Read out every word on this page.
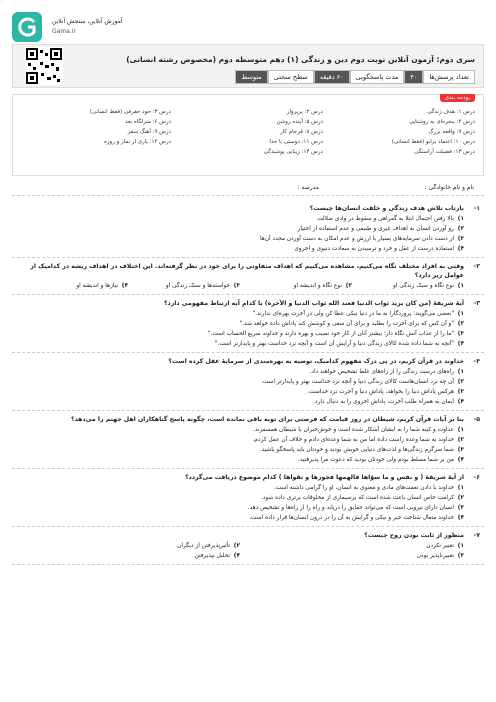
آموزش آنلاین، سنجش آنلاین
Gama.ir
سری دوم: آزمون آنلاین نوبت دوم دین و زندگی (۱) دهم متوسطه دوم (مخصوص رشته انسانی)
تعداد پرسش‌ها
۴۰
مدت پاسخگویی
۶۰ دقیقه
سطح سختی
متوسط
بودجه بندی
درس ۱: هدف زندگی
درس ۲: پرپرواز
درس ۳: حود حقرقی (فقط انسانی)
درس ۴: پنجره‌ای به روشنایی
درس ۵: آینده روشن
درس ۶: منزلگاه بعد
درس ۷: واقعه بزرگ
درس ۸: فرجام کار
درس ۹: آهنگ سفر
درس ۱۰: اعتماد برابو (فقط انسانی)
درس ۱۱: دوستی با خدا
درس ۱۲: یاری از نماز و روزه
درس ۱۳: فضیلت آراستگی
درس ۱۴: زیبایی پوشیدگی
نام و نام خانوادگی :
مدرسه :
۱-
بازتاب تلاش هدف زندگی و خلقت انسان‌ها چیست؟
۱)
بالا رفتن احتمال ابتلا به گمراهی و سقوط در وادی ضلالت
۲)
رو آوردن انسان به اهداف غیری و طبیعی و عدم استفاده از اختیار
۳)
از دست دادن سرمایه‌های بسیار با ارزش و عدم امکان به دست آوردن مجدد آن‌ها
۴)
استفاده درست از عقل و خرد و ترسیدن به سعادت دنیوی و اخروی
۲-
وقتی به افراد مختلف نگاه می‌کنیم، مشاهده می‌کنیم که اهداف متفاوتی را برای خود در نظر گرفته‌اند. این اختلاف در اهداف ریشه در کدامیک از عوامل زیر دارد؟
۱)
نوع نگاه و سبک زندگی او
۲)
نوع نگاه و اندیشه او
۳)
خواسته‌ها و سبک زندگی او
۴)
نیازها و اندیشه او
۳-
آیهٔ شریفهٔ (من کان یرید ثواب الدنیا فعند الله ثواب الدنیا و الآخرة) با کدام آیه ارتباط مفهومی دارد؟
۱)
"بعضی می‌گویند: پروردگارا به ما در دنیا نیکی عطا کن ولی در آخرت بهره‌ای ندارند."
۲)
"و آن کس که برای آخرت را بطلبد و برای آن سعی و کوشش کند پاداش داده خواهد شد."
۳)
"ما را از عذاب آتش نگاه دار؛ بیشتر آنان از کار خود نصیب و بهره دارند و خداوند سریع الحساب است."
۴)
"آنچه به شما داده شده کالای زندگی دنیا و آرایش آن است و آنچه نزد خداست بهتر و پایدارتر است."
۴-
خداوند در قرآن کریم، در پی درک مفهوم کدامیک، توصیه به بهره‌مندی از سرمایهٔ عقل کرده است؟
۱)
راه‌های درست زندگی را از راه‌های غلط تشخیص خواهند داد.
۲)
آن چه نزد انسان‌هاست کالای زندگی دنیا و آنچه نزد خداست بهتر و پایدارتر است.
۳)
هرکس پاداش دنیا را بخواهد، پاداش دنیا و آخرت نزد خداست.
۴)
ایمان به همراه طلب آخرت، پاداش اخروی را به دنبال دارد.
۵-
بنا بر آیات قرآن کریم، شیطان در روز قیامت که فرصتی برای توبه باقی نمانده است، چگونه پاسخ گناهکاران اهل جهنم را می‌دهد؟
۱)
عداوت و کینه شما را به ایشان آشکار شده است و خوش‌خبران با شیطان همسفرند.
۲)
خداوند به شما وعده راست داده اما من به شما وعده‌ای دادم و خلاف آن عمل کردم.
۳)
شما سرگرم زندگی‌ها و لذت‌های دنیایی خویش بودید و خودتان باید پاسخگو باشید.
۴)
من بر شما مسلط بودم ولی خودتان بودید که دعوت مرا پذیرفتید.
۶-
از آیهٔ شریفهٔ ( و نفس و ما سوّاها فالهمها فجورها و تقواها ) کدام موضوع دریافت می‌گردد؟
۱)
خداوند با دادن نعمت‌های مادی و معنوی به انسان، او را گرامی داشته است.
۲)
کرامت خاص انسان باعث شده است که برسیماری از مخلوقات برتری داده شود.
۳)
انسان دارای نیرویی است که می‌تواند حقایق را دریابد و راه را از راه‌ها و تشخیص دهد.
۴)
خداوند متعال شناخت خیر و نیکی و گرایش به آن را در درون انسان‌ها قرار داده است.
۷-
منظور از ثابت بودن روح چیست؟
۱)
تغییر نکردن
۲)
تأثیرپذیرفتن از دیگران
۳)
تغییرناپذیر بودن
۴)
تحلیل نپذیرفتن
